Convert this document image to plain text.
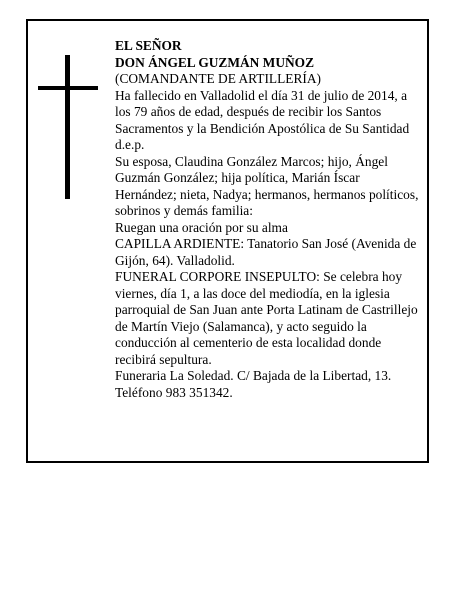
EL SEÑOR

DON ÁNGEL GUZMÁN MUÑOZ

(COMANDANTE DE ARTILLERÍA)

Ha fallecido en Valladolid el día 31 de julio de 2014, a los 79 años de edad, después de recibir los Santos Sacramentos y la Bendición Apostólica de Su Santidad

d.e.p.

Su esposa, Claudina González Marcos; hijo, Ángel Guzmán González; hija política, Marián Íscar Hernández; nieta, Nadya; hermanos, hermanos políticos, sobrinos y demás familia:

Ruegan una oración por su alma

CAPILLA ARDIENTE: Tanatorio San José (Avenida de Gijón, 64). Valladolid.

FUNERAL CORPORE INSEPULTO: Se celebra hoy viernes, día 1, a las doce del mediodía, en la iglesia parroquial de San Juan ante Porta Latinam de Castrillejo de Martín Viejo (Salamanca), y acto seguido la conducción al cementerio de esta localidad donde recibirá sepultura.

Funeraria La Soledad. C/ Bajada de la Libertad, 13. Teléfono 983 351342.
